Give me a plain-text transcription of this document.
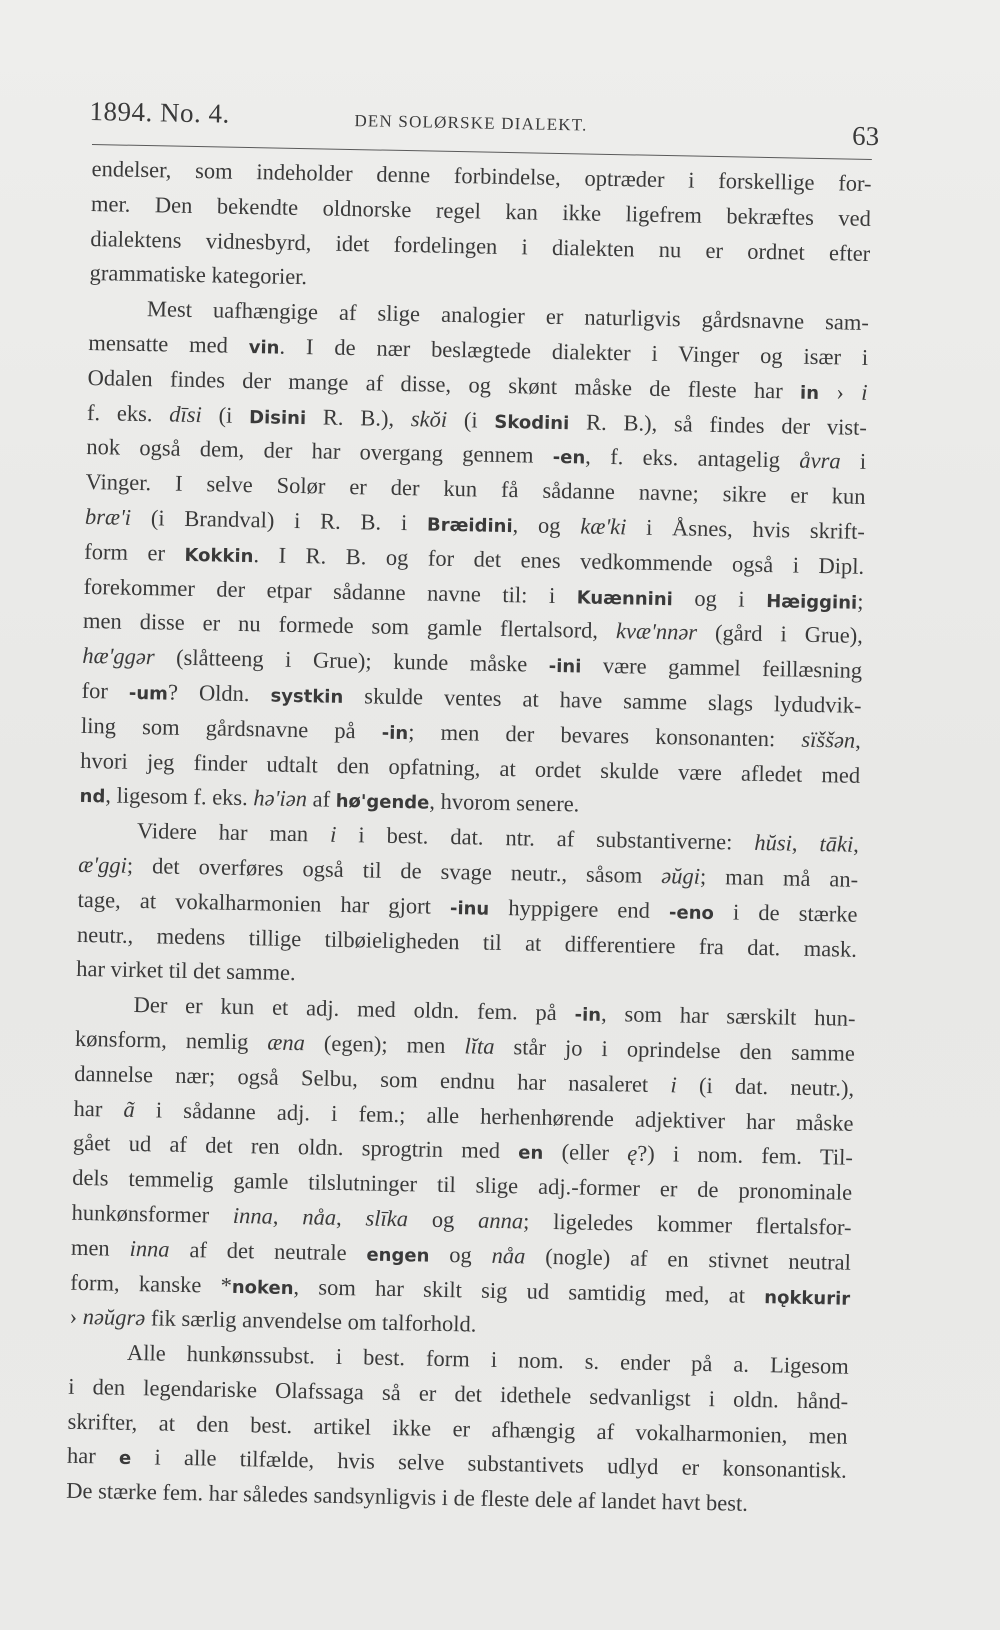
1894. No. 4.	DEN SOLØRSKE DIALEKT.	63
endelser, som indeholder denne forbindelse, optræder i forskellige for-
mer. Den bekendte oldnorske regel kan ikke ligefrem bekræftes ved
dialektens vidnesbyrd, idet fordelingen i dialekten nu er ordnet efter
grammatiske kategorier.
Mest uafhængige af slige analogier er naturligvis gårdsnavne sam-
mensatte med vin. I de nær beslægtede dialekter i Vinger og især i
Odalen findes der mange af disse, og skønt måske de fleste har in › i
f. eks. dīsi (i Disini R. B.), skŏi (i Skodini R. B.), så findes der vist-
nok også dem, der har overgang gennem -en, f. eks. antagelig åvra i
Vinger. I selve Solør er der kun få sådanne navne; sikre er kun
bræ'i (i Brandval) i R. B. i Bræidini, og kæ'ki i Åsnes, hvis skrift-
form er Kokkin. I R. B. og for det enes vedkommende også i Dipl.
forekommer der etpar sådanne navne til: i Kuænnini og i Hæiggini;
men disse er nu formede som gamle flertalsord, kvæ'nnər (gård i Grue),
hæ'ggər (slåtteeng i Grue); kunde måske -ini være gammel feillæsning
for -um? Oldn. systkin skulde ventes at have samme slags lydudvik-
ling som gårdsnavne på -in; men der bevares konsonanten: sïššən,
hvori jeg finder udtalt den opfatning, at ordet skulde være afledet med
nd, ligesom f. eks. hə'iən af hø'gende, hvorom senere.
Videre har man i i best. dat. ntr. af substantiverne: hŭsi, tāki,
æ'ggi; det overføres også til de svage neutr., såsom əŭgi; man må an-
tage, at vokalharmonien har gjort -inu hyppigere end -eno i de stærke
neutr., medens tillige tilbøieligheden til at differentiere fra dat. mask.
har virket til det samme.
Der er kun et adj. med oldn. fem. på -in, som har særskilt hun-
kønsform, nemlig æna (egen); men lĭta står jo i oprindelse den samme
dannelse nær; også Selbu, som endnu har nasaleret i (i dat. neutr.),
har ã i sådanne adj. i fem.; alle herhenhørende adjektiver har måske
gået ud af det ren oldn. sprogtrin med en (eller ę?) i nom. fem. Til-
dels temmelig gamle tilslutninger til slige adj.-former er de pronominale
hunkønsformer inna, nåa, slīka og anna; ligeledes kommer flertalsfor-
men inna af det neutrale engen og nåa (nogle) af en stivnet neutral
form, kanske *noken, som har skilt sig ud samtidig med, at nǫkkurir
› nəŭgrə fik særlig anvendelse om talforhold.
Alle hunkønssubst. i best. form i nom. s. ender på a. Ligesom
i den legendariske Olafssaga så er det idethele sedvanligst i oldn. hånd-
skrifter, at den best. artikel ikke er afhængig af vokalharmonien, men
har e i alle tilfælde, hvis selve substantivets udlyd er konsonantisk.
De stærke fem. har således sandsynligvis i de fleste dele af landet havt best.
